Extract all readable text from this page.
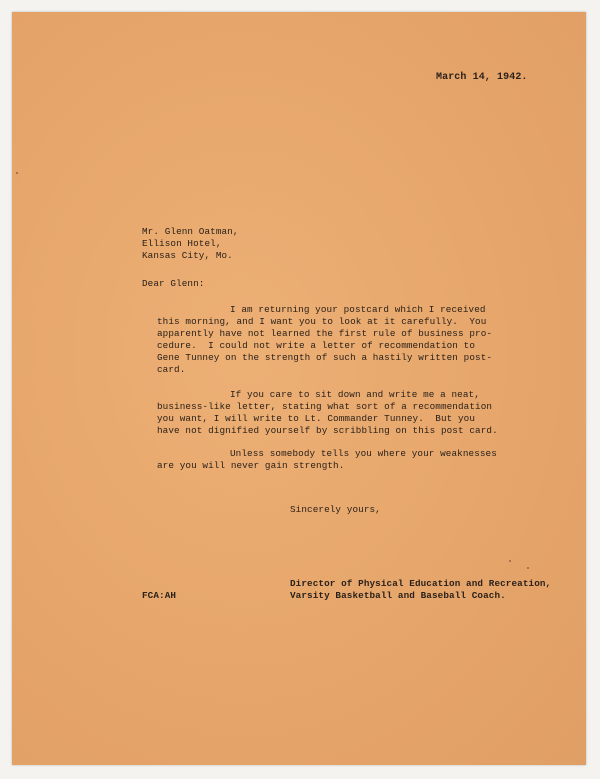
March 14, 1942.
Mr. Glenn Oatman,
Ellison Hotel,
Kansas City, Mo.
Dear Glenn:
I am returning your postcard which I received
this morning, and I want you to look at it carefully.  You
apparently have not learned the first rule of business pro-
cedure.  I could not write a letter of recommendation to
Gene Tunney on the strength of such a hastily written post-
card.
If you care to sit down and write me a neat,
business-like letter, stating what sort of a recommendation
you want, I will write to Lt. Commander Tunney.  But you
have not dignified yourself by scribbling on this post card.
Unless somebody tells you where your weaknesses
are you will never gain strength.
Sincerely yours,
Director of Physical Education and Recreation,
Varsity Basketball and Baseball Coach.
FCA:AH
